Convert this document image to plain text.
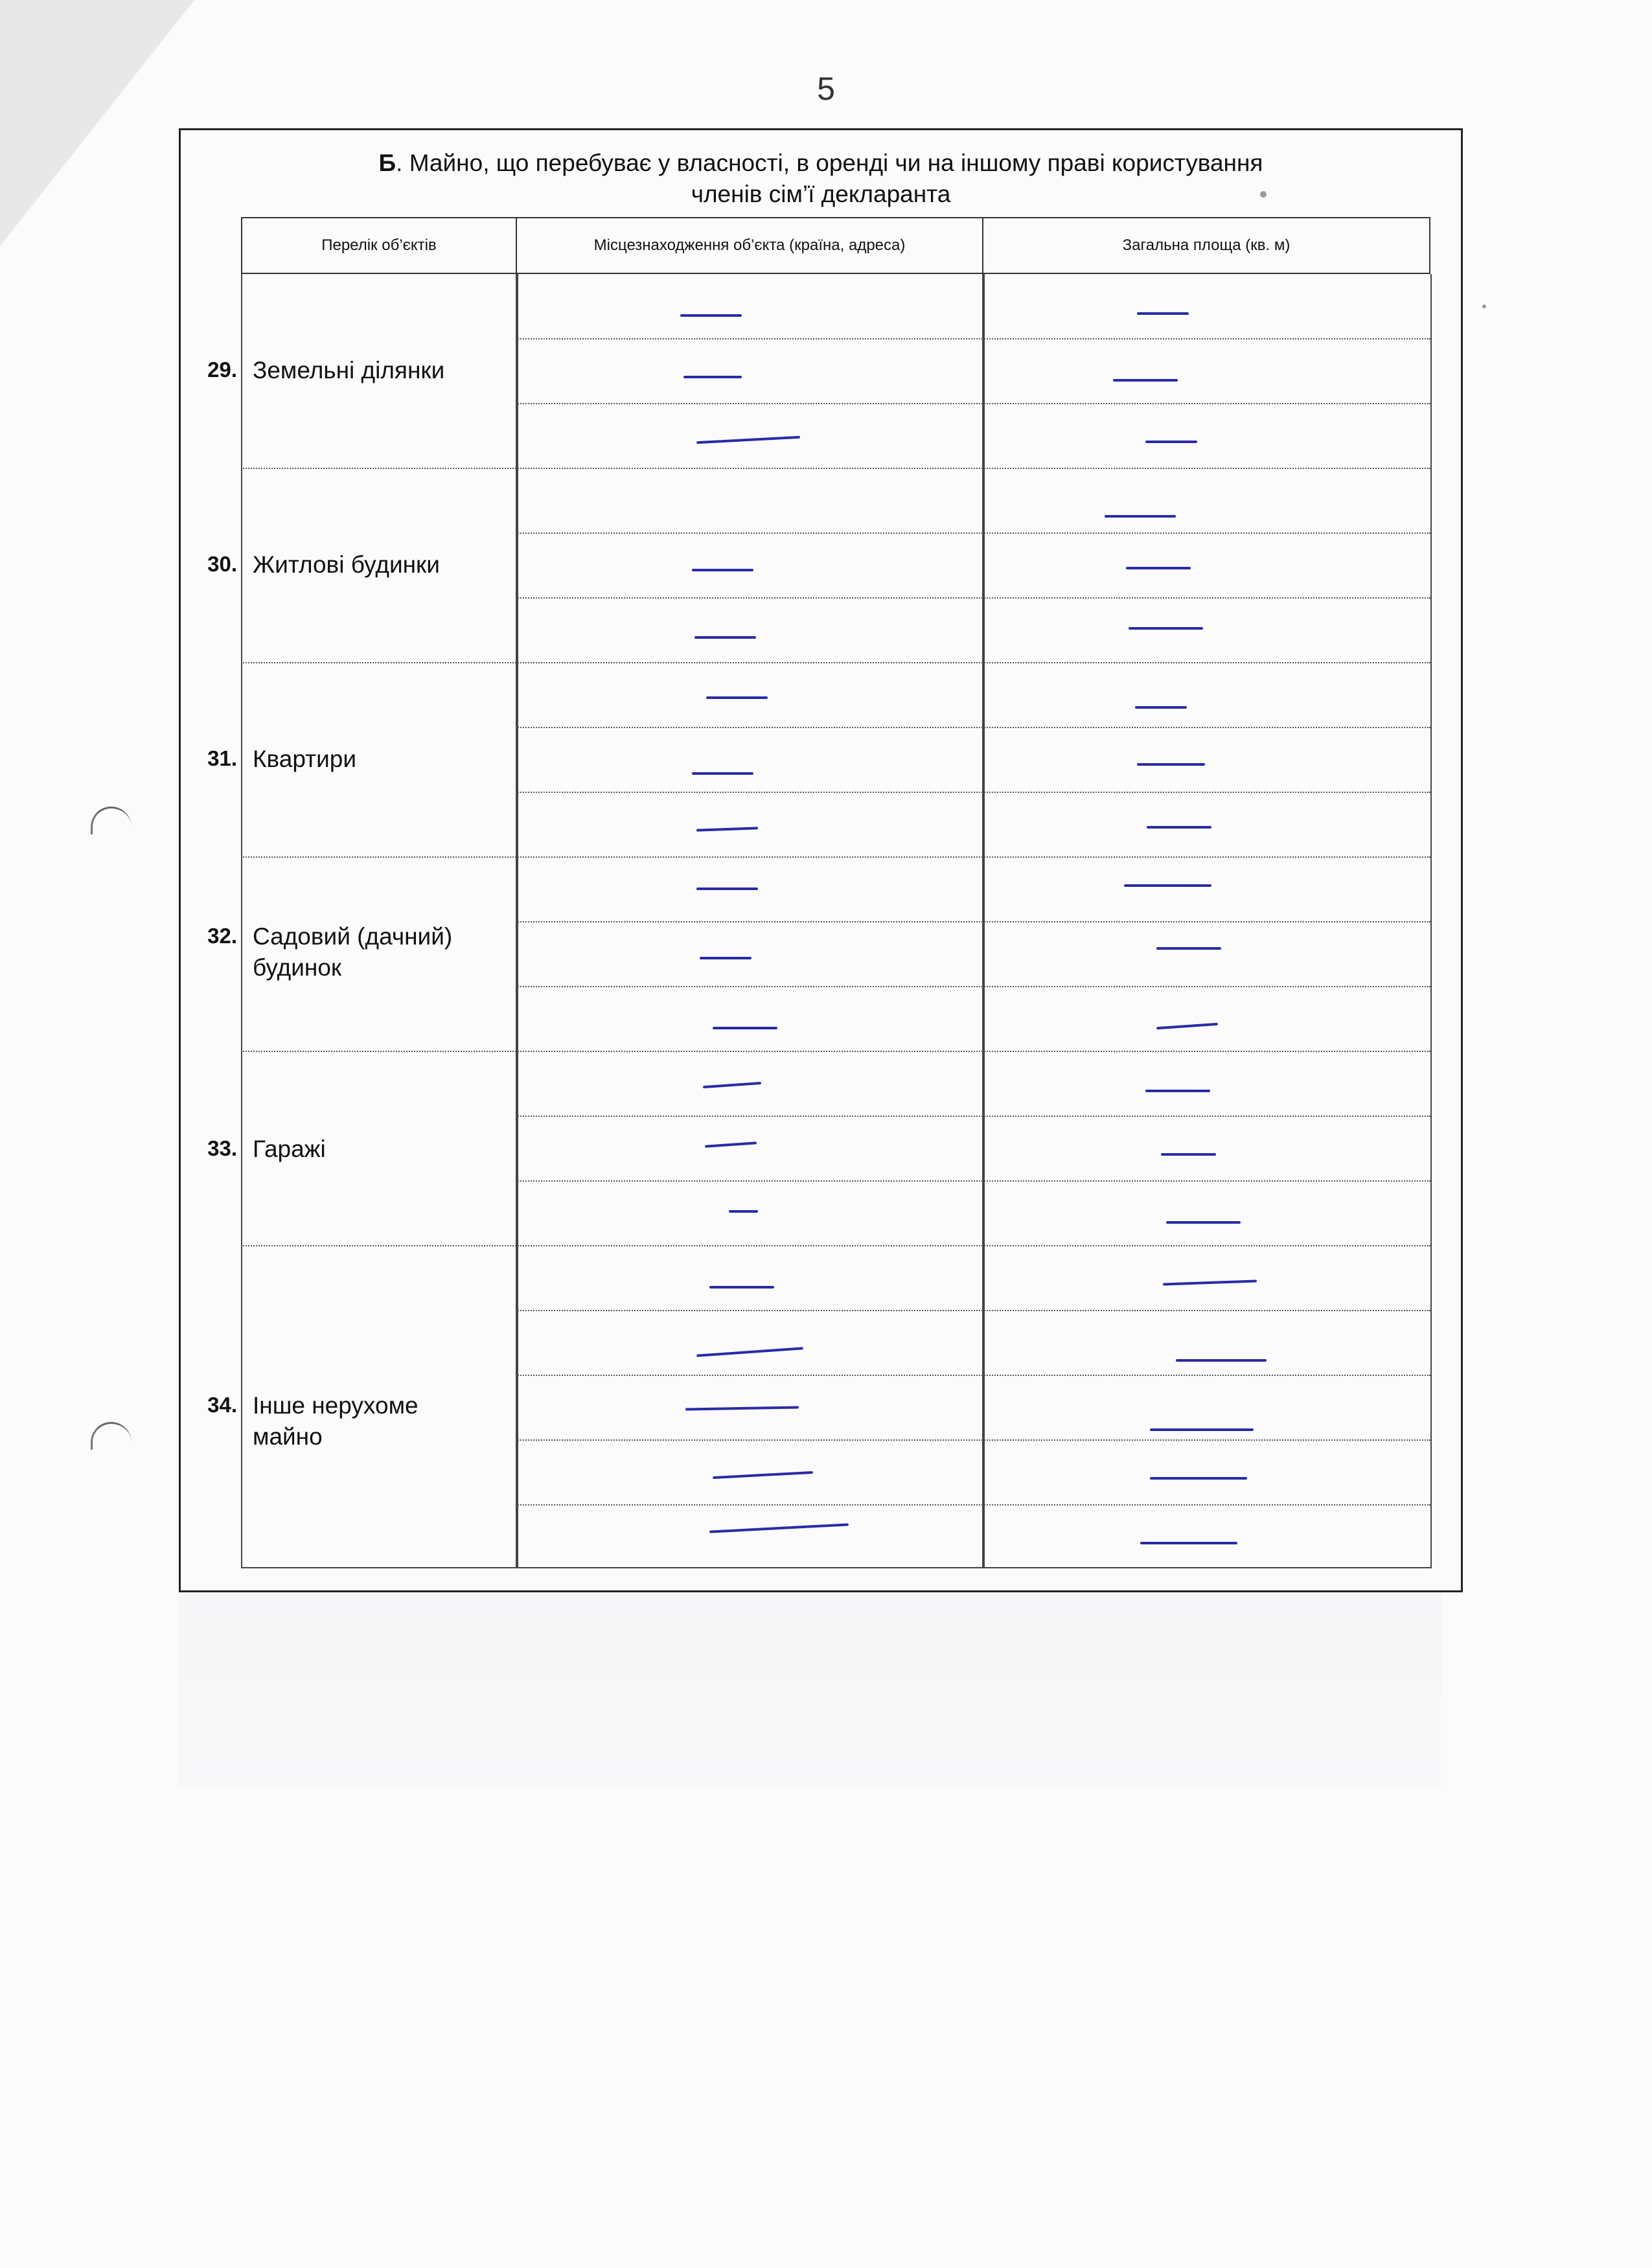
5
Б. Майно, що перебуває у власності, в оренді чи на іншому праві користування
членів сім’ї декларанта
Перелік об’єктів	Місцезнаходження об’єкта (країна, адреса)	Загальна площа (кв. м)
29. Земельні ділянки
30. Житлові будинки
31. Квартири
32. Садовий (дачний) будинок
33. Гаражі
34. Інше нерухоме майно
